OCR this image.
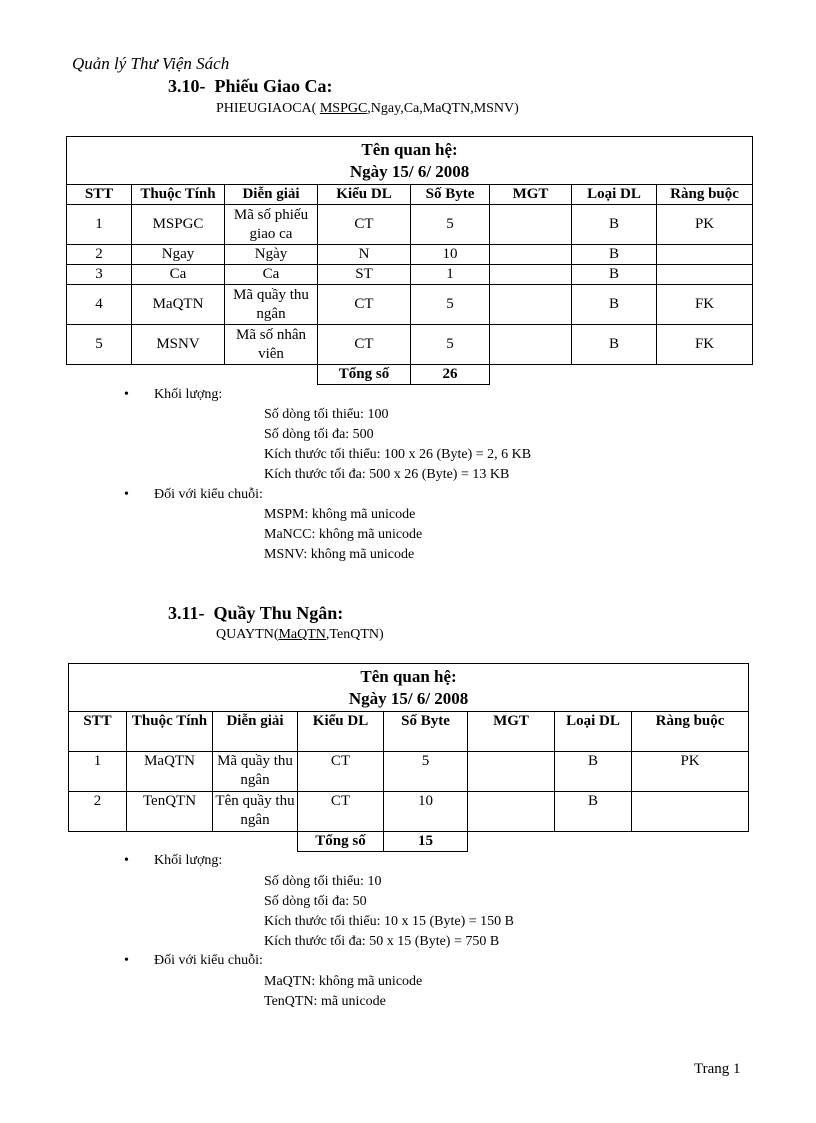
Quản lý Thư Viện Sách
3.10- Phiếu Giao Ca:
PHIEUGIAOCA( MSPGC,Ngay,Ca,MaQTN,MSNV)
Tên quan hệ:
Ngày 15/ 6/ 2008							

STT	Thuộc Tính	Diễn giải	Kiểu DL	Số Byte	MGT	Loại DL	Ràng buộc
1	MSPGC	Mã số phiếu giao ca	CT	5		B	PK
2	Ngay	Ngày	N	10		B	
3	Ca	Ca	ST	1		B	
4	MaQTN	Mã quầy thu ngân	CT	5		B	FK
5	MSNV	Mã số nhân viên	CT	5		B	FK
			Tổng số	26			
• Khối lượng:
Số dòng tối thiểu: 100
Số dòng tối đa: 500
Kích thước tối thiểu: 100 x 26 (Byte) = 2, 6 KB
Kích thước tối đa: 500 x 26 (Byte) = 13 KB
• Đối với kiểu chuỗi:
MSPM: không mã unicode
MaNCC: không mã unicode
MSNV: không mã unicode
3.11- Quầy Thu Ngân:
QUAYTN(MaQTN,TenQTN)
Tên quan hệ:
Ngày 15/ 6/ 2008							

STT	Thuộc Tính	Diễn giải	Kiểu DL	Số Byte	MGT	Loại DL	Ràng buộc
1	MaQTN	Mã quầy thu ngân	CT	5		B	PK
2	TenQTN	Tên quầy thu ngân	CT	10		B	
			Tổng số	15			
• Khối lượng:
Số dòng tối thiểu: 10
Số dòng tối đa: 50
Kích thước tối thiểu: 10 x 15 (Byte) = 150 B
Kích thước tối đa: 50 x 15 (Byte) = 750 B
• Đối với kiểu chuỗi:
MaQTN: không mã unicode
TenQTN: mã unicode
Trang 1
